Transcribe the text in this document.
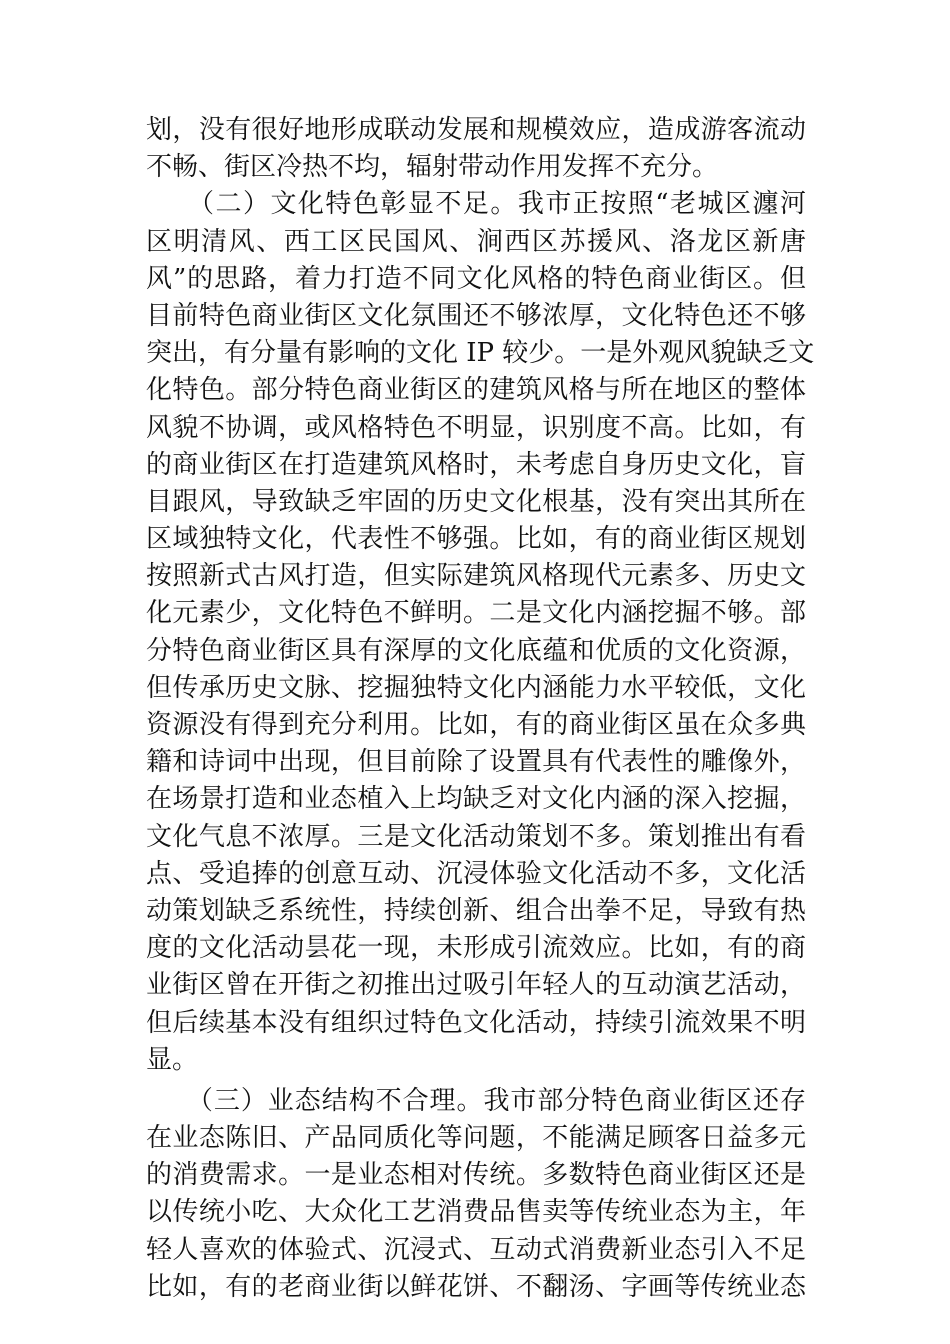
划，没有很好地形成联动发展和规模效应，造成游客流动
不畅、街区冷热不均，辐射带动作用发挥不充分。
　　（二）文化特色彰显不足。我市正按照“老城区瀍河
区明清风、西工区民国风、涧西区苏援风、洛龙区新唐
风”的思路，着力打造不同文化风格的特色商业街区。但
目前特色商业街区文化氛围还不够浓厚，文化特色还不够
突出，有分量有影响的文化 IP 较少。一是外观风貌缺乏文
化特色。部分特色商业街区的建筑风格与所在地区的整体
风貌不协调，或风格特色不明显，识别度不高。比如，有
的商业街区在打造建筑风格时，未考虑自身历史文化，盲
目跟风，导致缺乏牢固的历史文化根基，没有突出其所在
区域独特文化，代表性不够强。比如，有的商业街区规划
按照新式古风打造，但实际建筑风格现代元素多、历史文
化元素少，文化特色不鲜明。二是文化内涵挖掘不够。部
分特色商业街区具有深厚的文化底蕴和优质的文化资源，
但传承历史文脉、挖掘独特文化内涵能力水平较低，文化
资源没有得到充分利用。比如，有的商业街区虽在众多典
籍和诗词中出现，但目前除了设置具有代表性的雕像外，
在场景打造和业态植入上均缺乏对文化内涵的深入挖掘，
文化气息不浓厚。三是文化活动策划不多。策划推出有看
点、受追捧的创意互动、沉浸体验文化活动不多，文化活
动策划缺乏系统性，持续创新、组合出拳不足，导致有热
度的文化活动昙花一现，未形成引流效应。比如，有的商
业街区曾在开街之初推出过吸引年轻人的互动演艺活动，
但后续基本没有组织过特色文化活动，持续引流效果不明
显。
　　（三）业态结构不合理。我市部分特色商业街区还存
在业态陈旧、产品同质化等问题，不能满足顾客日益多元
的消费需求。一是业态相对传统。多数特色商业街区还是
以传统小吃、大众化工艺消费品售卖等传统业态为主，年
轻人喜欢的体验式、沉浸式、互动式消费新业态引入不足
比如，有的老商业街以鲜花饼、不翻汤、字画等传统业态
